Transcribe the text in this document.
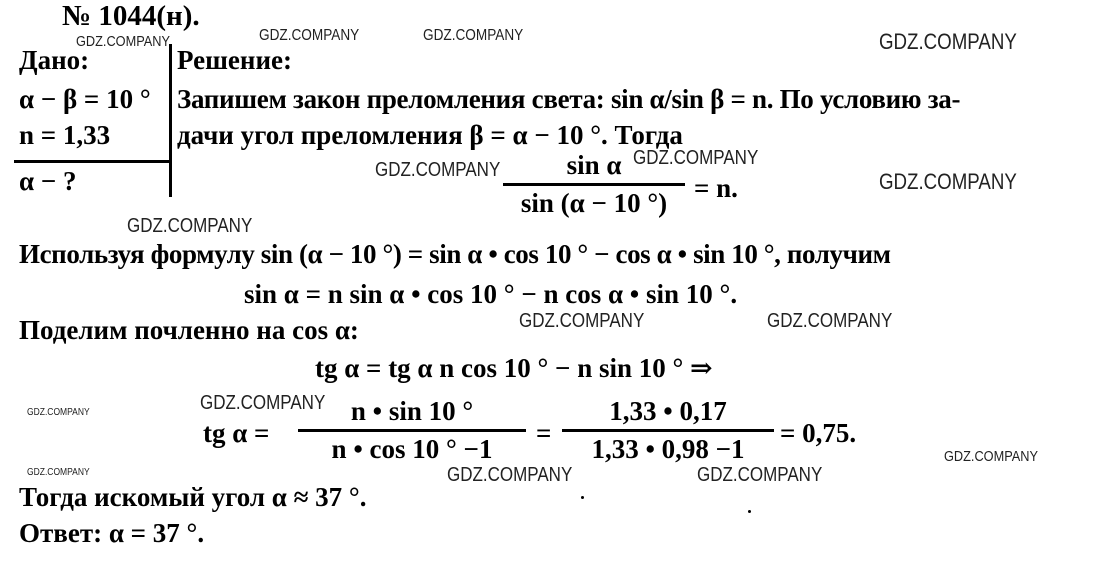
№ 1044(н).
Дано:
α − β = 10 °
n = 1,33
α − ?
Решение:
Запишем закон преломления света: sin α/sin β = n. По условию за-
дачи угол преломления β = α − 10 °. Тогда
sin α
sin (α − 10 °) = n.
Используя формулу sin (α − 10 °) = sin α • cos 10 ° − cos α • sin 10 °, получим
sin α = n sin α • cos 10 ° − n cos α • sin 10 °.
Поделим почленно на cos α:
tg α = tg α n cos 10 ° − n sin 10 ° ⇒
tg α =
n • sin 10 °
n • cos 10 ° −1
=
1,33 • 0,17
1,33 • 0,98 −1
= 0,75.
Тогда искомый угол α ≈ 37 °.
Ответ: α = 37 °.
GDZ.COMPANY	GDZ.COMPANY
GDZ.COMPANY	GDZ.COMPANY
GDZ.COMPANY
GDZ.COMPANY
GDZ.COMPANY
GDZ.COMPANY
GDZ.COMPANY	GDZ.COMPANY
GDZ.COMPANY
GDZ.COMPANY
GDZ.COMPANY
GDZ.COMPANY	GDZ.COMPANY	GDZ.COMPANY
